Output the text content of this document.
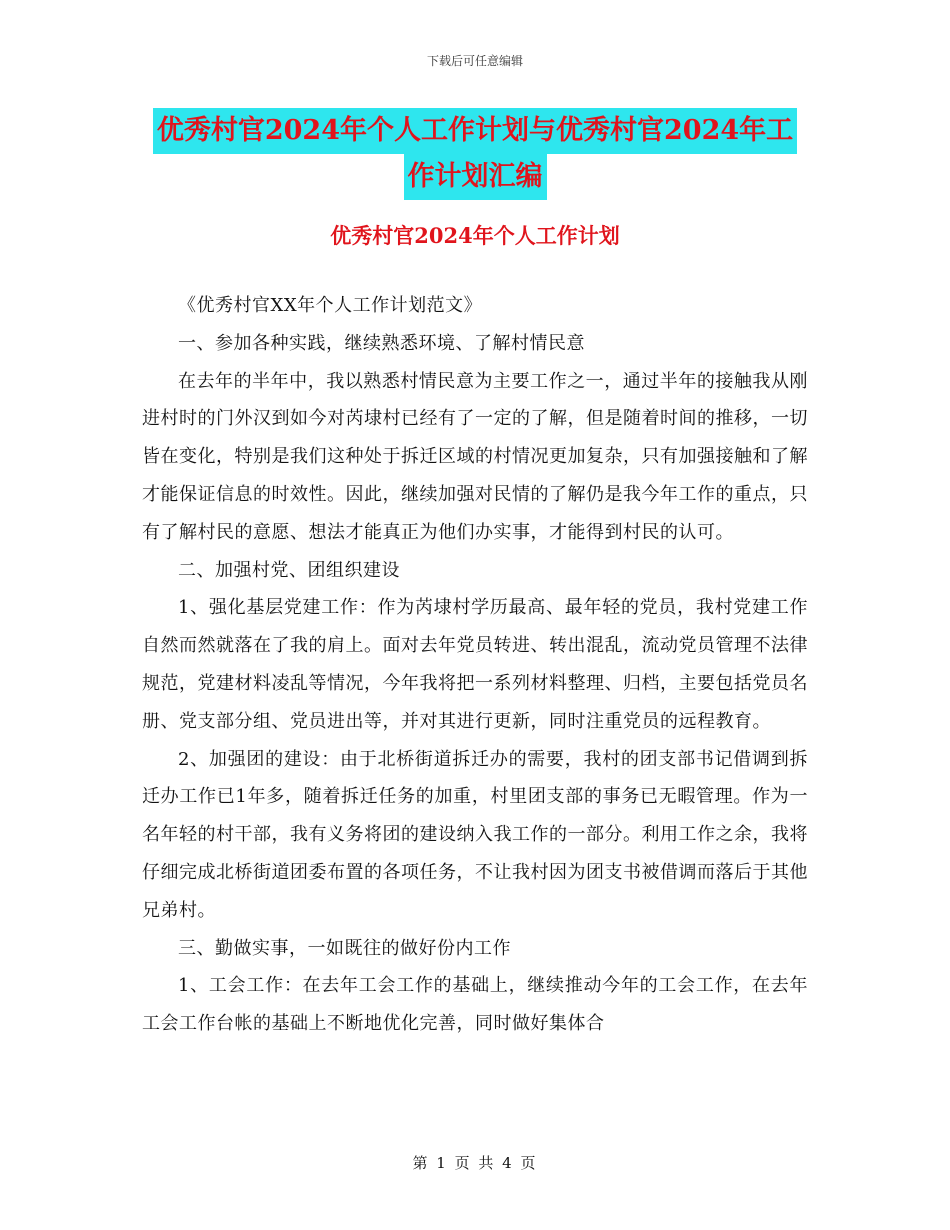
下载后可任意编辑
优秀村官2024年个人工作计划与优秀村官2024年工
作计划汇编
优秀村官2024年个人工作计划

《优秀村官XX年个人工作计划范文》

一、参加各种实践，继续熟悉环境、了解村情民意

在去年的半年中，我以熟悉村情民意为主要工作之一，通过半年的接触我从刚进村时的门外汉到如今对芮埭村已经有了一定的了解，但是随着时间的推移，一切皆在变化，特别是我们这种处于拆迁区域的村情况更加复杂，只有加强接触和了解才能保证信息的时效性。因此，继续加强对民情的了解仍是我今年工作的重点，只有了解村民的意愿、想法才能真正为他们办实事，才能得到村民的认可。

二、加强村党、团组织建设

1、强化基层党建工作：作为芮埭村学历最高、最年轻的党员，我村党建工作自然而然就落在了我的肩上。面对去年党员转进、转出混乱，流动党员管理不法律规范，党建材料凌乱等情况，今年我将把一系列材料整理、归档，主要包括党员名册、党支部分组、党员进出等，并对其进行更新，同时注重党员的远程教育。

2、加强团的建设：由于北桥街道拆迁办的需要，我村的团支部书记借调到拆迁办工作已1年多，随着拆迁任务的加重，村里团支部的事务已无暇管理。作为一名年轻的村干部，我有义务将团的建设纳入我工作的一部分。利用工作之余，我将仔细完成北桥街道团委布置的各项任务，不让我村因为团支书被借调而落后于其他兄弟村。

三、勤做实事，一如既往的做好份内工作

1、工会工作：在去年工会工作的基础上，继续推动今年的工会工作，在去年工会工作台帐的基础上不断地优化完善，同时做好集体合

第 1 页 共 4 页
